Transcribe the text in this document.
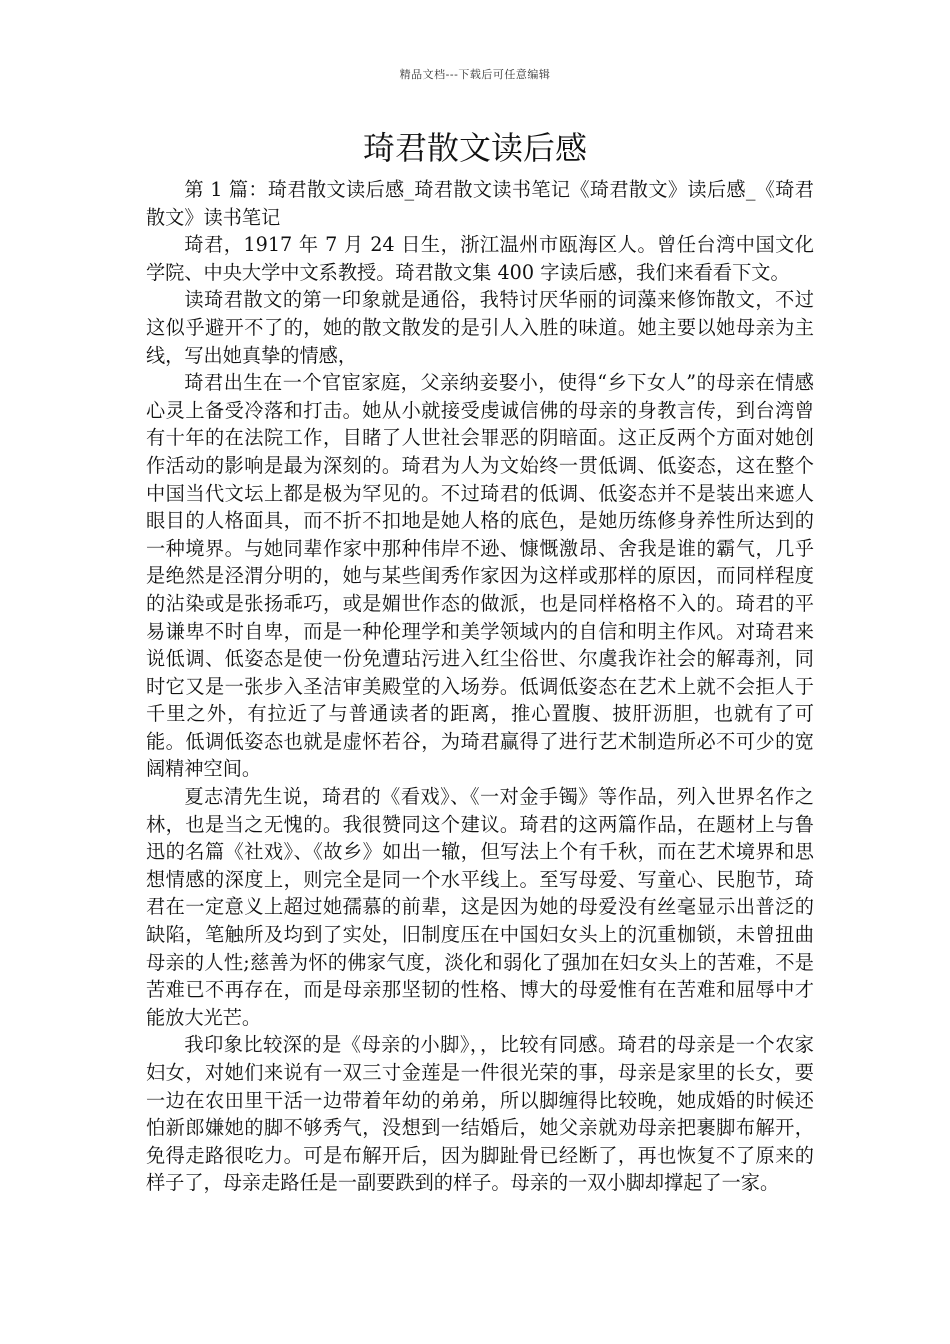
精品文档---下载后可任意编辑
琦君散文读后感

第 1 篇：琦君散文读后感_琦君散文读书笔记《琦君散文》读后感_《琦君散文》读书笔记

琦君，1917 年 7 月 24 日生，浙江温州市瓯海区人。曾任台湾中国文化学院、中央大学中文系教授。琦君散文集 400 字读后感，我们来看看下文。

读琦君散文的第一印象就是通俗，我特讨厌华丽的词藻来修饰散文，不过这似乎避开不了的，她的散文散发的是引人入胜的味道。她主要以她母亲为主线，写出她真挚的情感，

琦君出生在一个官宦家庭，父亲纳妾娶小，使得“乡下女人”的母亲在情感心灵上备受冷落和打击。她从小就接受虔诚信佛的母亲的身教言传，到台湾曾有十年的在法院工作，目睹了人世社会罪恶的阴暗面。这正反两个方面对她创作活动的影响是最为深刻的。琦君为人为文始终一贯低调、低姿态，这在整个中国当代文坛上都是极为罕见的。不过琦君的低调、低姿态并不是装出来遮人眼目的人格面具，而不折不扣地是她人格的底色，是她历练修身养性所达到的一种境界。与她同辈作家中那种伟岸不逊、慷慨激昂、舍我是谁的霸气，几乎是绝然是泾渭分明的，她与某些闺秀作家因为这样或那样的原因，而同样程度的沾染或是张扬乖巧，或是媚世作态的做派，也是同样格格不入的。琦君的平易谦卑不时自卑，而是一种伦理学和美学领域内的自信和明主作风。对琦君来说低调、低姿态是使一份免遭玷污进入红尘俗世、尔虞我诈社会的解毒剂，同时它又是一张步入圣洁审美殿堂的入场券。低调低姿态在艺术上就不会拒人于千里之外，有拉近了与普通读者的距离，推心置腹、披肝沥胆，也就有了可能。低调低姿态也就是虚怀若谷，为琦君赢得了进行艺术制造所必不可少的宽阔精神空间。

夏志清先生说，琦君的《看戏》、《一对金手镯》等作品，列入世界名作之林，也是当之无愧的。我很赞同这个建议。琦君的这两篇作品，在题材上与鲁迅的名篇《社戏》、《故乡》如出一辙，但写法上个有千秋，而在艺术境界和思想情感的深度上，则完全是同一个水平线上。至写母爱、写童心、民胞节，琦君在一定意义上超过她孺慕的前辈，这是因为她的母爱没有丝毫显示出普泛的缺陷，笔触所及均到了实处，旧制度压在中国妇女头上的沉重枷锁，未曾扭曲母亲的人性;慈善为怀的佛家气度，淡化和弱化了强加在妇女头上的苦难，不是苦难已不再存在，而是母亲那坚韧的性格、博大的母爱惟有在苦难和屈辱中才能放大光芒。

我印象比较深的是《母亲的小脚》，，比较有同感。琦君的母亲是一个农家妇女，对她们来说有一双三寸金莲是一件很光荣的事，母亲是家里的长女，要一边在农田里干活一边带着年幼的弟弟，所以脚缠得比较晚，她成婚的时候还怕新郎嫌她的脚不够秀气，没想到一结婚后，她父亲就劝母亲把裹脚布解开，免得走路很吃力。可是布解开后，因为脚趾骨已经断了，再也恢复不了原来的样子了，母亲走路任是一副要跌到的样子。母亲的一双小脚却撑起了一家。
